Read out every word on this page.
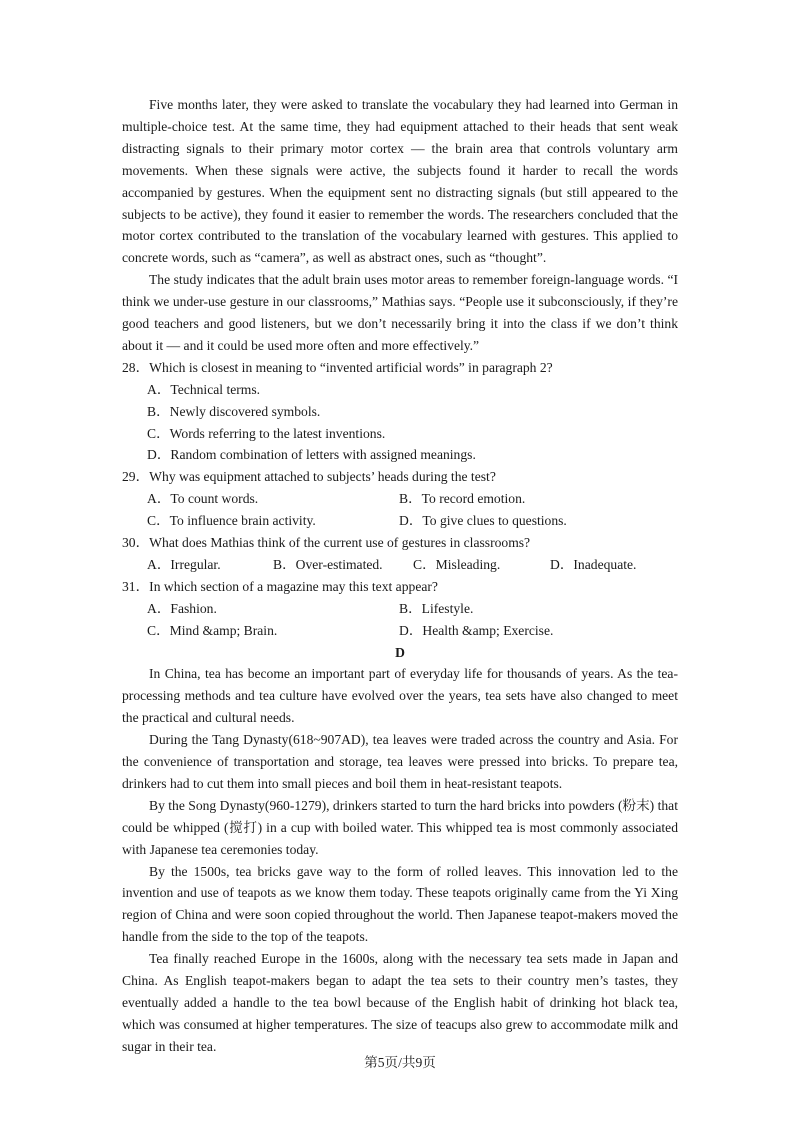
Five months later, they were asked to translate the vocabulary they had learned into German in multiple-choice test. At the same time, they had equipment attached to their heads that sent weak distracting signals to their primary motor cortex — the brain area that controls voluntary arm movements. When these signals were active, the subjects found it harder to recall the words accompanied by gestures. When the equipment sent no distracting signals (but still appeared to the subjects to be active), they found it easier to remember the words. The researchers concluded that the motor cortex contributed to the translation of the vocabulary learned with gestures. This applied to concrete words, such as “camera”, as well as abstract ones, such as “thought”.

The study indicates that the adult brain uses motor areas to remember foreign-language words. “I think we under-use gesture in our classrooms,” Mathias says. “People use it subconsciously, if they’re good teachers and good listeners, but we don’t necessarily bring it into the class if we don’t think about it — and it could be used more often and more effectively.”

28．Which is closest in meaning to “invented artificial words” in paragraph 2?

A．Technical terms.
B．Newly discovered symbols.
C．Words referring to the latest inventions.
D．Random combination of letters with assigned meanings.

29．Why was equipment attached to subjects’ heads during the test?

A．To count words.	B．To record emotion.
C．To influence brain activity.	D．To give clues to questions.

30．What does Mathias think of the current use of gestures in classrooms?

A．Irregular.	B．Over-estimated.	C．Misleading.	D．Inadequate.

31．In which section of a magazine may this text appear?

A．Fashion.	B．Lifestyle.
C．Mind &amp; Brain.	D．Health &amp; Exercise.

D

In China, tea has become an important part of everyday life for thousands of years. As the tea-processing methods and tea culture have evolved over the years, tea sets have also changed to meet the practical and cultural needs.

During the Tang Dynasty(618~907AD), tea leaves were traded across the country and Asia. For the convenience of transportation and storage, tea leaves were pressed into bricks. To prepare tea, drinkers had to cut them into small pieces and boil them in heat-resistant teapots.

By the Song Dynasty(960-1279), drinkers started to turn the hard bricks into powders (粉末) that could be whipped (搅打) in a cup with boiled water. This whipped tea is most commonly associated with Japanese tea ceremonies today.

By the 1500s, tea bricks gave way to the form of rolled leaves. This innovation led to the invention and use of teapots as we know them today. These teapots originally came from the Yi Xing region of China and were soon copied throughout the world. Then Japanese teapot-makers moved the handle from the side to the top of the teapots.

Tea finally reached Europe in the 1600s, along with the necessary tea sets made in Japan and China. As English teapot-makers began to adapt the tea sets to their country men’s tastes, they eventually added a handle to the tea bowl because of the English habit of drinking hot black tea, which was consumed at higher temperatures. The size of teacups also grew to accommodate milk and sugar in their tea.

第5页/共9页
